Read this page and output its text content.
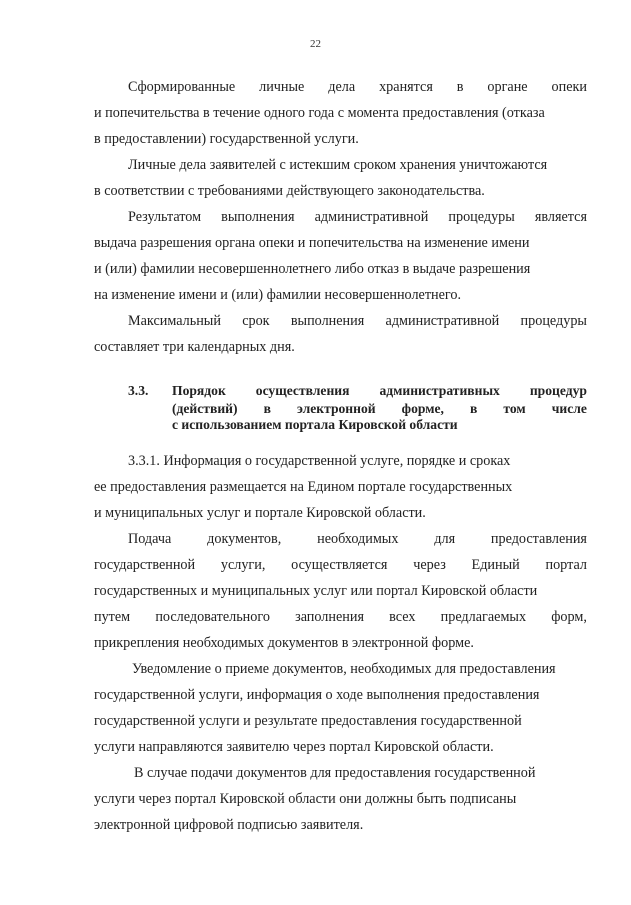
22
Сформированные личные дела хранятся в органе опеки
и попечительства в течение одного года с момента предоставления (отказа
в предоставлении) государственной услуги.
Личные дела заявителей с истекшим сроком хранения уничтожаются
в соответствии с требованиями действующего законодательства.
Результатом выполнения административной процедуры является
выдача разрешения органа опеки и попечительства на изменение имени
и (или) фамилии несовершеннолетнего либо отказ в выдаче разрешения
на изменение имени и (или) фамилии несовершеннолетнего.
Максимальный срок выполнения административной процедуры
составляет три календарных дня.
3.3.	Порядок осуществления административных процедур
(действий) в электронной форме, в том числе
с использованием портала Кировской области
3.3.1. Информация о государственной услуге, порядке и сроках
ее предоставления размещается на Едином портале государственных
и муниципальных услуг и портале Кировской области.
Подача	документов,	необходимых	для	предоставления
государственной услуги, осуществляется через Единый портал
государственных и муниципальных услуг или портал Кировской области
путем последовательного заполнения всех предлагаемых форм,
прикрепления необходимых документов в электронной форме.
Уведомление о приеме документов, необходимых для предоставления
государственной услуги, информация о ходе выполнения предоставления
государственной услуги и результате предоставления государственной
услуги направляются заявителю через портал Кировской области.
В случае подачи документов для предоставления государственной
услуги через портал Кировской области они должны быть подписаны
электронной цифровой подписью заявителя.
